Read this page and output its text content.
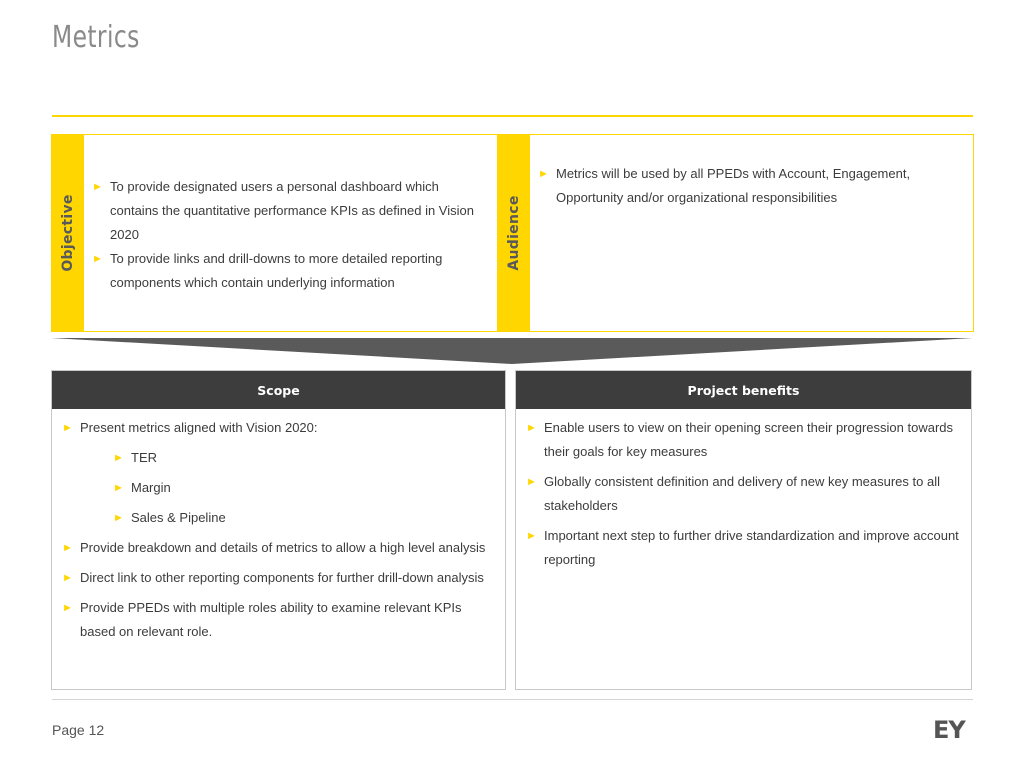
Metrics
Objective
► To provide designated users a personal dashboard which contains the quantitative performance KPIs as defined in Vision 2020
► To provide links and drill-downs to more detailed reporting components which contain underlying information
Audience
► Metrics will be used by all PPEDs with Account, Engagement, Opportunity and/or organizational responsibilities
Scope
► Present metrics aligned with Vision 2020:
► TER
► Margin
► Sales & Pipeline
► Provide breakdown and details of metrics to allow a high level analysis
► Direct link to other reporting components for further drill-down analysis
► Provide PPEDs with multiple roles ability to examine relevant KPIs based on relevant role.
Project benefits
► Enable users to view on their opening screen their progression towards their goals for key measures
► Globally consistent definition and delivery of new key measures to all stakeholders
► Important next step to further drive standardization and improve account reporting
Page 12	EY
